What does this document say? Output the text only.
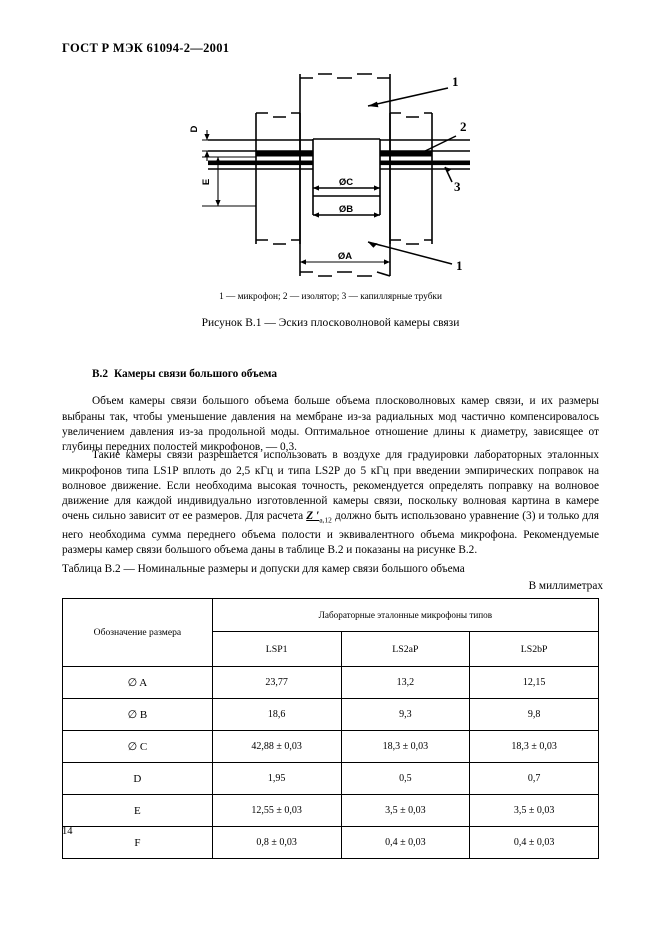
ГОСТ Р МЭК 61094-2—2001
D
E	ØC
ØB
ØA
1
2
3
1
1 — микрофон; 2 — изолятор; 3 — капиллярные трубки
Рисунок В.1 — Эскиз плоскoволновой камеры связи
В.2 Камеры связи большого объема

Объем камеры связи большого объема больше объема плосковолновых камер связи, и их размеры выбраны так, чтобы уменьшение давления на мембране из-за радиальных мод частично компенсировалось увеличением давления из-за продольной моды. Оптимальное отношение длины к диаметру, зависящее от глубины передних полостей микрофонов, — 0,3.

Такие камеры связи разрешается использовать в воздухе для градуировки лабораторных эталонных микрофонов типа LS1P вплоть до 2,5 кГц и типа LS2P до 5 кГц при введении эмпирических поправок на волновое движение. Если необходима высокая точность, рекомендуется определять поправку на волновое движение для каждой индивидуально изготовленной камеры связи, поскольку волновая картина в камере очень сильно зависит от ее размеров. Для расчета Z $'_{a,12}$ должно быть использовано уравнение (3) и только для него необходима сумма переднего объема полости и эквивалентного объема микрофона. Рекомендуемые размеры камер связи большого объема даны в таблице В.2 и показаны на рисунке В.2.

Таблица В.2 — Номинальные размеры и допуски для камер связи большого объема
В миллиметрах
Обозначение размера	Лабораторные эталонные микрофоны типов		
	LSP1	LS2aP	LS2bP
∅ A	23,77	13,2	12,15
∅ B	18,6	9,3	9,8
∅ C	42,88 ± 0,03	18,3 ± 0,03	18,3 ± 0,03
D	1,95	0,5	0,7
E	12,55 ± 0,03	3,5 ± 0,03	3,5 ± 0,03
F	0,8 ± 0,03	0,4 ± 0,03	0,4 ± 0,03
14
